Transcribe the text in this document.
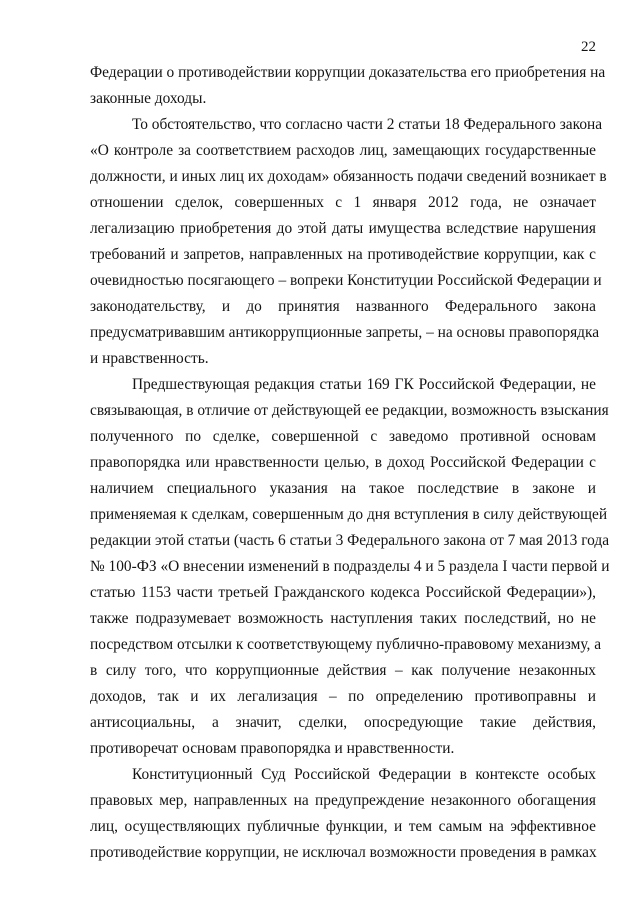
22
Федерации о противодействии коррупции доказательства его приобретения на
законные доходы.
То обстоятельство, что согласно части 2 статьи 18 Федерального закона
«О контроле за соответствием расходов лиц, замещающих государственные
должности, и иных лиц их доходам» обязанность подачи сведений возникает в
отношении сделок, совершенных с 1 января 2012 года, не означает
легализацию приобретения до этой даты имущества вследствие нарушения
требований и запретов, направленных на противодействие коррупции, как с
очевидностью посягающего – вопреки Конституции Российской Федерации и
законодательству, и до принятия названного Федерального закона
предусматривавшим антикоррупционные запреты, – на основы правопорядка
и нравственность.
Предшествующая редакция статьи 169 ГК Российской Федерации, не
связывающая, в отличие от действующей ее редакции, возможность взыскания
полученного по сделке, совершенной с заведомо противной основам
правопорядка или нравственности целью, в доход Российской Федерации с
наличием специального указания на такое последствие в законе и
применяемая к сделкам, совершенным до дня вступления в силу действующей
редакции этой статьи (часть 6 статьи 3 Федерального закона от 7 мая 2013 года
№ 100-ФЗ «О внесении изменений в подразделы 4 и 5 раздела I части первой и
статью 1153 части третьей Гражданского кодекса Российской Федерации»),
также подразумевает возможность наступления таких последствий, но не
посредством отсылки к соответствующему публично-правовому механизму, а
в силу того, что коррупционные действия – как получение незаконных
доходов, так и их легализация – по определению противоправны и
антисоциальны, а значит, сделки, опосредующие такие действия,
противоречат основам правопорядка и нравственности.
Конституционный Суд Российской Федерации в контексте особых
правовых мер, направленных на предупреждение незаконного обогащения
лиц, осуществляющих публичные функции, и тем самым на эффективное
противодействие коррупции, не исключал возможности проведения в рамках
